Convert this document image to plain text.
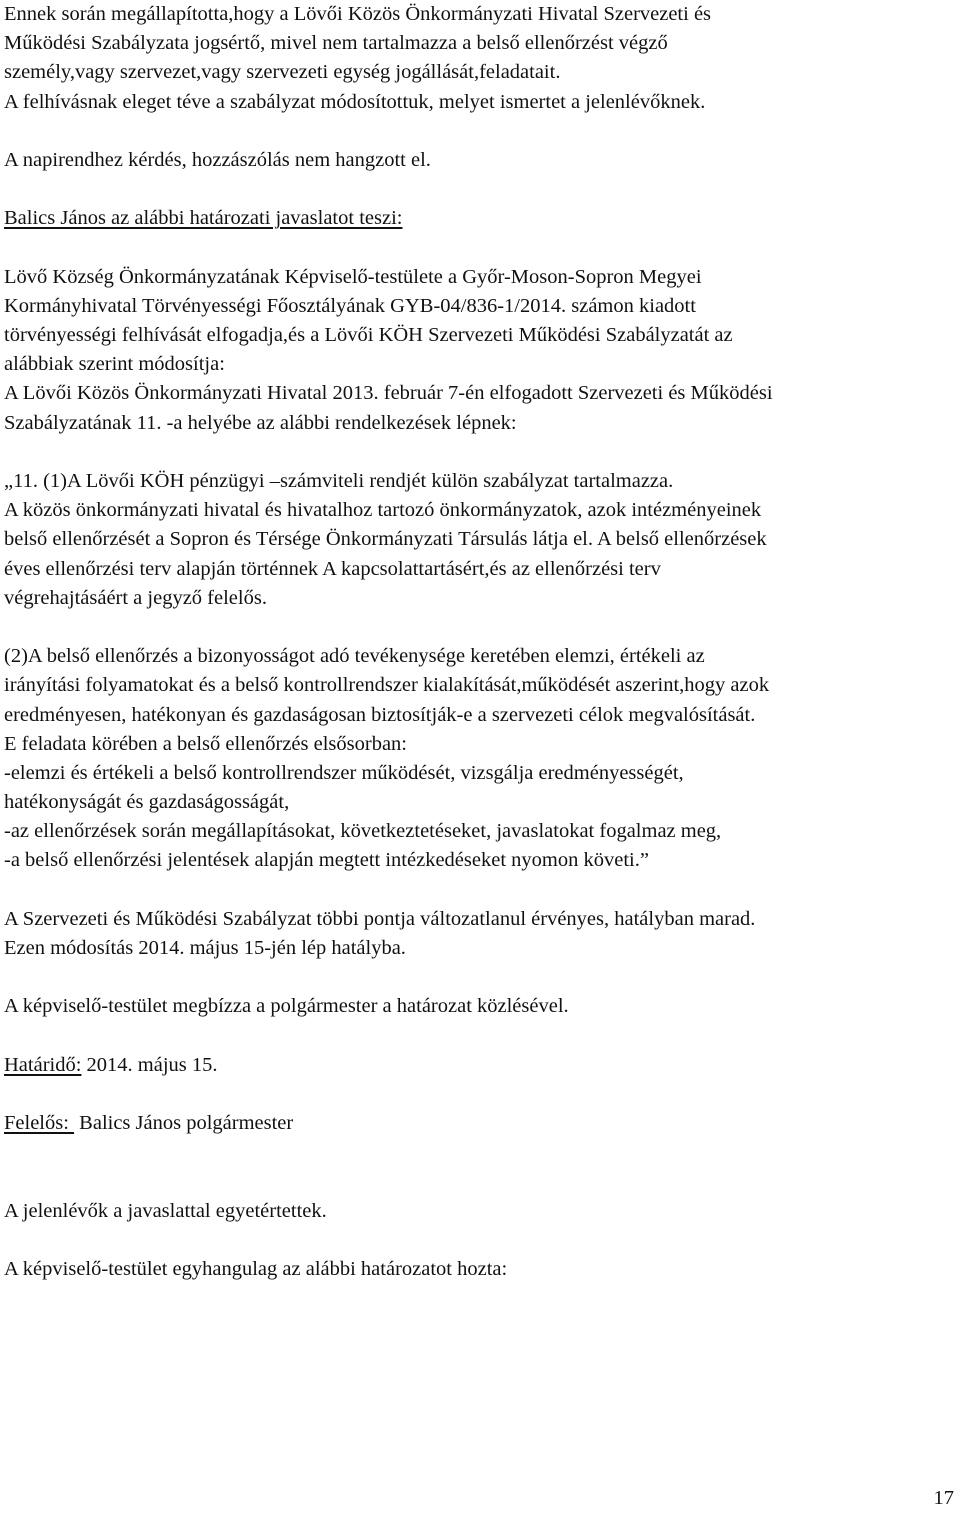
Ennek során megállapította,hogy a Lövői Közös Önkormányzati Hivatal Szervezeti és
Működési Szabályzata jogsértő, mivel nem tartalmazza a belső ellenőrzést végző
személy,vagy szervezet,vagy szervezeti egység jogállását,feladatait.
A felhívásnak eleget téve a szabályzat módosítottuk, melyet ismertet a jelenlévőknek.
A napirendhez kérdés, hozzászólás nem hangzott el.
Balics János az alábbi határozati javaslatot teszi:
Lövő Község Önkormányzatának Képviselő-testülete a Győr-Moson-Sopron Megyei
Kormányhivatal Törvényességi Főosztályának GYB-04/836-1/2014. számon kiadott
törvényességi felhívását elfogadja,és a Lövői KÖH Szervezeti Működési Szabályzatát az
alábbiak szerint módosítja:
A Lövői Közös Önkormányzati Hivatal 2013. február 7-én elfogadott Szervezeti és Működési
Szabályzatának 11. -a helyébe az alábbi rendelkezések lépnek:
„11. (1)A Lövői KÖH pénzügyi –számviteli rendjét külön szabályzat tartalmazza.
A közös önkormányzati hivatal és hivatalhoz tartozó önkormányzatok, azok intézményeinek
belső ellenőrzését a Sopron és Térsége Önkormányzati Társulás látja el. A belső ellenőrzések
éves ellenőrzési terv alapján történnek A kapcsolattartásért,és az ellenőrzési terv
végrehajtásáért a jegyző felelős.
(2)A belső ellenőrzés a bizonyosságot adó tevékenysége keretében elemzi, értékeli az
irányítási folyamatokat és a belső kontrollrendszer kialakítását,működését aszerint,hogy azok
eredményesen, hatékonyan és gazdaságosan biztosítják-e a szervezeti célok megvalósítását.
E feladata körében a belső ellenőrzés elsősorban:
-elemzi és értékeli a belső kontrollrendszer működését, vizsgálja eredményességét,
hatékonyságát és gazdaságosságát,
-az ellenőrzések során megállapításokat, következtetéseket, javaslatokat fogalmaz meg,
-a belső ellenőrzési jelentések alapján megtett intézkedéseket nyomon követi.”
A Szervezeti és Működési Szabályzat többi pontja változatlanul érvényes, hatályban marad.
Ezen módosítás 2014. május 15-jén lép hatályba.
A képviselő-testület megbízza a polgármester a határozat közlésével.
Határidő: 2014. május 15.
Felelős:  Balics János polgármester
A jelenlévők a javaslattal egyetértettek.
A képviselő-testület egyhangulag az alábbi határozatot hozta:
17
